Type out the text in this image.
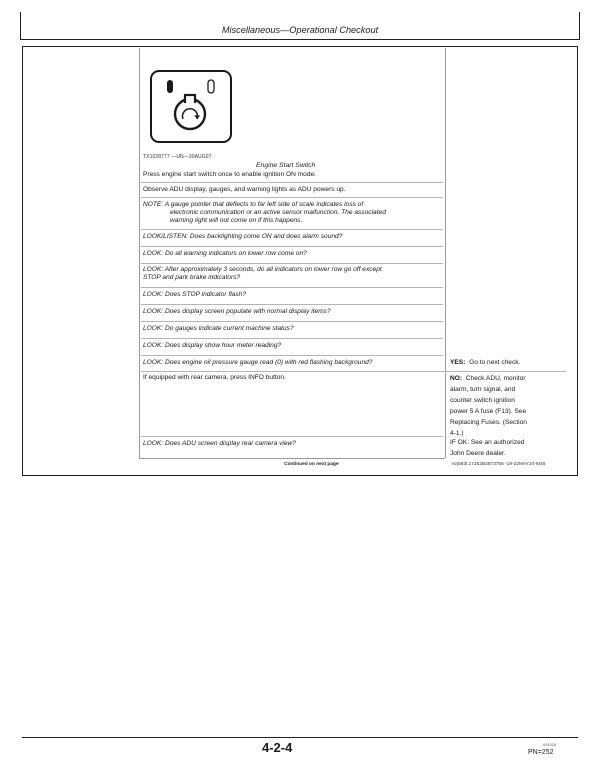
Miscellaneous—Operational Checkout
TX1028777 —UN—30AUG07
Engine Start Switch
Press engine start switch once to enable ignition ON mode.
Observe ADU display, gauges, and warning lights as ADU powers up.
NOTE: A gauge pointer that deflects to far left side of scale indicates loss of
electronic communication or an active sensor malfunction. The associated
warning light will not come on if this happens.
LOOK/LISTEN: Does backlighting come ON and does alarm sound?
LOOK: Do all warning indicators on lower row come on?
LOOK: After approximately 3 seconds, do all indicators on lower row go off except
STOP and park brake indicators?
LOOK: Does STOP indicator flash?
LOOK: Does display screen populate with normal display items?
LOOK: Do gauges indicate current machine status?
LOOK: Does display show hour meter reading?
LOOK: Does engine oil pressure gauge read (0) with red flashing background?
If equipped with rear camera, press INFO button.
LOOK: Does ADU screen display rear camera view?
YES: Go to next check.
NO: Check ADU, monitor
alarm, turn signal, and
counter switch ignition
power 5 A fuse (F13). See
Replacing Fuses. (Section
4-1.)
IF OK: See an authorized
John Deere dealer.
Continued on next page	ezj583l,17162B4873756 -19-22MAY24-9/46
4-2-4	091024
PN=252
